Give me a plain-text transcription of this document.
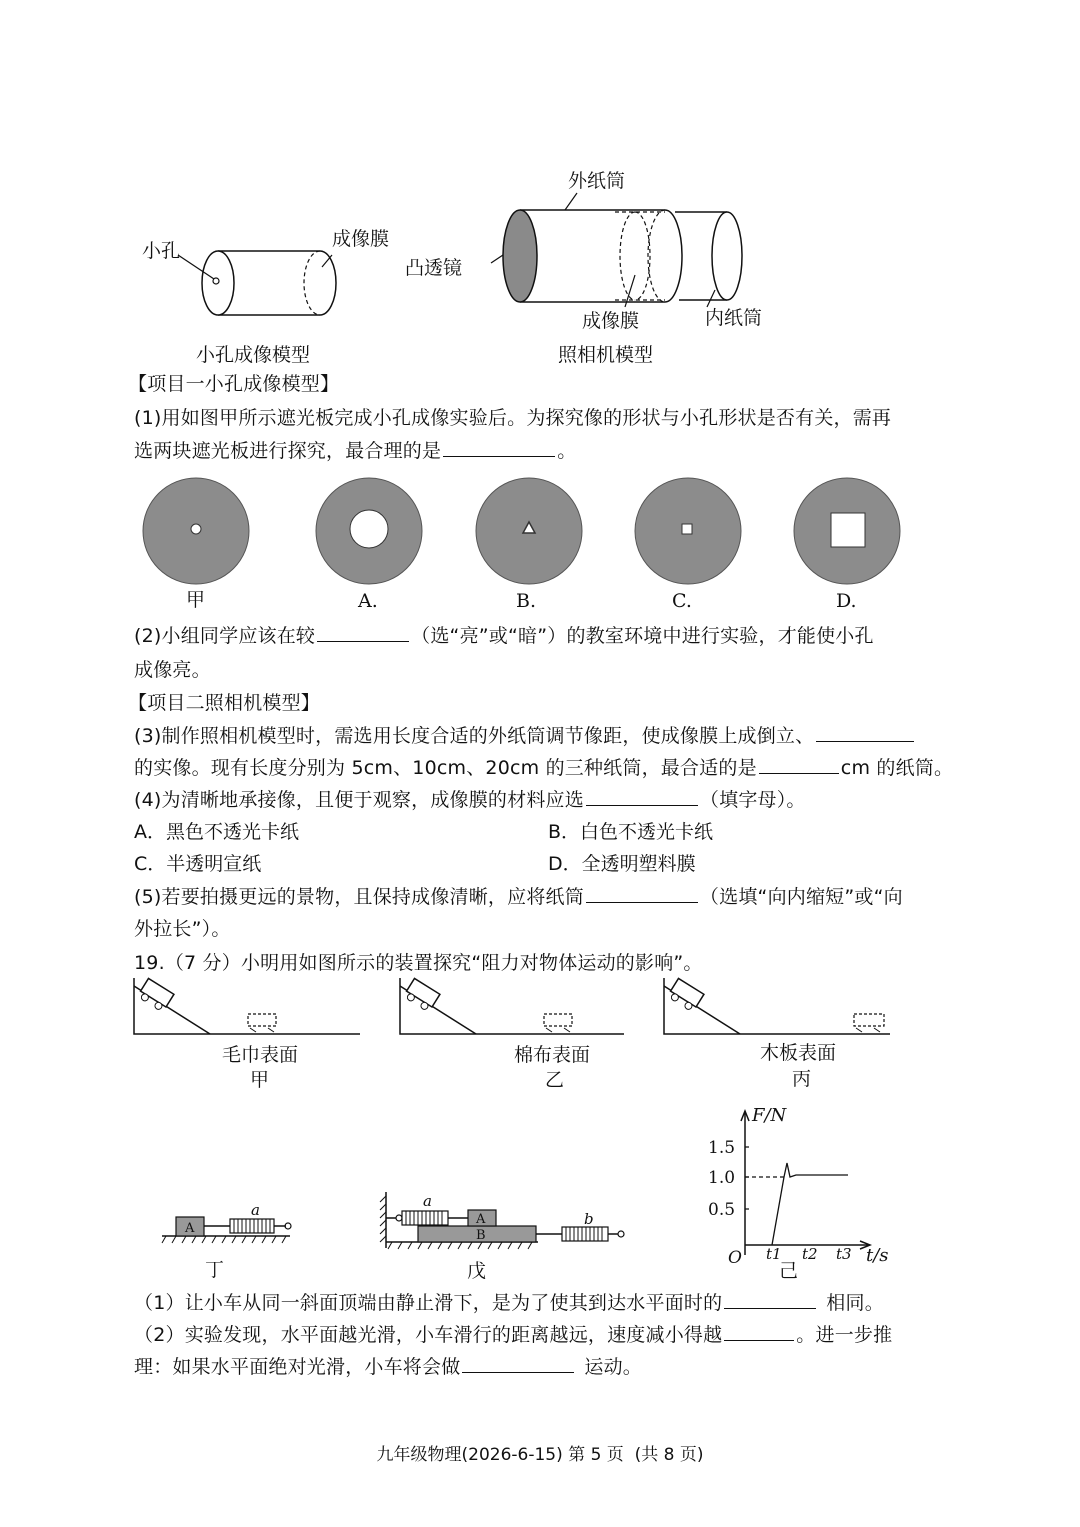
小孔
成像膜
小孔成像模型
外纸筒
凸透镜
成像膜	内纸筒
照相机模型
【项目一小孔成像模型】
(1)用如图甲所示遮光板完成小孔成像实验后。为探究像的形状与小孔形状是否有关，需再
选两块遮光板进行探究，最合理的是	。
甲	A.	B.	C.	D.
(2)小组同学应该在较	（选“亮”或“暗”）的教室环境中进行实验，才能使小孔
成像亮。
【项目二照相机模型】
(3)制作照相机模型时，需选用长度合适的外纸筒调节像距，使成像膜上成倒立、
的实像。现有长度分别为 5cm、10cm、20cm 的三种纸筒，最合适的是	cm 的纸筒。
(4)为清晰地承接像，且便于观察，成像膜的材料应选	（填字母）。
A．黑色不透光卡纸	B．白色不透光卡纸
C．半透明宣纸	D．全透明塑料膜
(5)若要拍摄更远的景物，且保持成像清晰，应将纸筒	（选填“向内缩短”或“向
外拉长”）。
19.（7 分）小明用如图所示的装置探究“阻力对物体运动的影响”。
毛巾表面
甲
棉布表面
乙
木板表面
丙
A
a
丁
A
B
a
b
戊
F/N
1.5
1.0
0.5
O t1 t2 t3 t/s
己
（1）让小车从同一斜面顶端由静止滑下，是为了使其到达水平面时的	相同。
（2）实验发现，水平面越光滑，小车滑行的距离越远，速度减小得越	。进一步推
理：如果水平面绝对光滑，小车将会做	运动。
九年级物理(2026-6-15) 第 5 页  (共 8 页)
